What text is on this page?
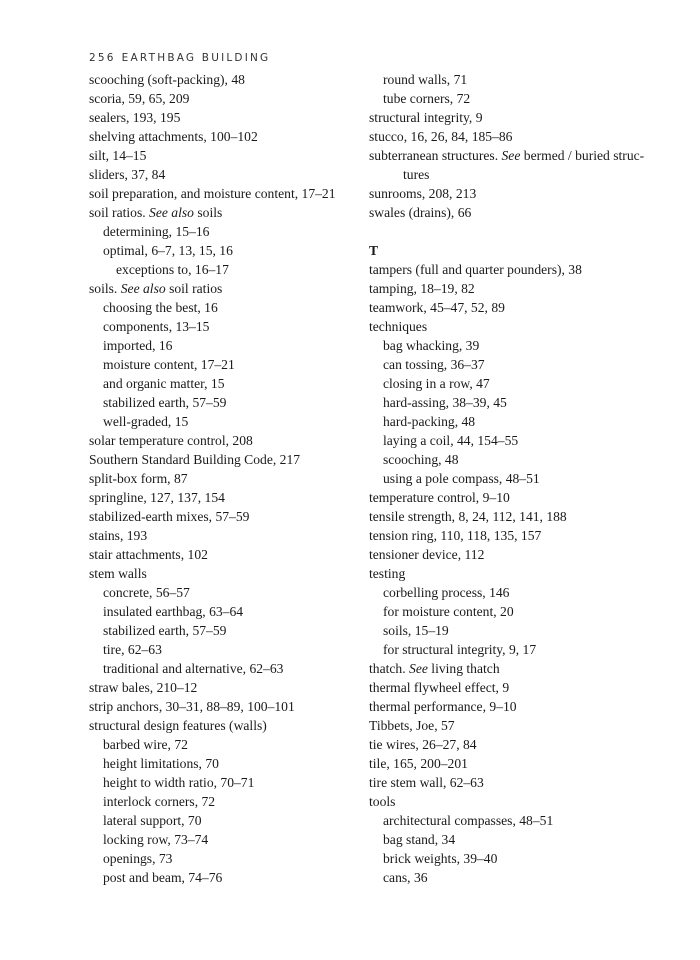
256 EARTHBAG BUILDING
scooching (soft-packing), 48
scoria, 59, 65, 209
sealers, 193, 195
shelving attachments, 100–102
silt, 14–15
sliders, 37, 84
soil preparation, and moisture content, 17–21
soil ratios. See also soils
determining, 15–16
optimal, 6–7, 13, 15, 16
exceptions to, 16–17
soils. See also soil ratios
choosing the best, 16
components, 13–15
imported, 16
moisture content, 17–21
and organic matter, 15
stabilized earth, 57–59
well-graded, 15
solar temperature control, 208
Southern Standard Building Code, 217
split-box form, 87
springline, 127, 137, 154
stabilized-earth mixes, 57–59
stains, 193
stair attachments, 102
stem walls
concrete, 56–57
insulated earthbag, 63–64
stabilized earth, 57–59
tire, 62–63
traditional and alternative, 62–63
straw bales, 210–12
strip anchors, 30–31, 88–89, 100–101
structural design features (walls)
barbed wire, 72
height limitations, 70
height to width ratio, 70–71
interlock corners, 72
lateral support, 70
locking row, 73–74
openings, 73
post and beam, 74–76
round walls, 71
tube corners, 72
structural integrity, 9
stucco, 16, 26, 84, 185–86
subterranean structures. See bermed / buried struc-
tures
sunrooms, 208, 213
swales (drains), 66
T
tampers (full and quarter pounders), 38
tamping, 18–19, 82
teamwork, 45–47, 52, 89
techniques
bag whacking, 39
can tossing, 36–37
closing in a row, 47
hard-assing, 38–39, 45
hard-packing, 48
laying a coil, 44, 154–55
scooching, 48
using a pole compass, 48–51
temperature control, 9–10
tensile strength, 8, 24, 112, 141, 188
tension ring, 110, 118, 135, 157
tensioner device, 112
testing
corbelling process, 146
for moisture content, 20
soils, 15–19
for structural integrity, 9, 17
thatch. See living thatch
thermal flywheel effect, 9
thermal performance, 9–10
Tibbets, Joe, 57
tie wires, 26–27, 84
tile, 165, 200–201
tire stem wall, 62–63
tools
architectural compasses, 48–51
bag stand, 34
brick weights, 39–40
cans, 36
